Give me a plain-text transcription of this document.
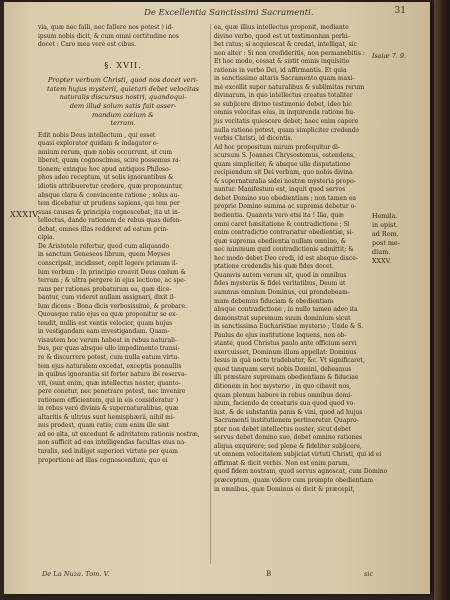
De Excellentia Sanctissimi Sacramenti.	31
via, quæ nec falli, nec fallere nos potest ) id-
ipsum nobis dicit, & cum omni certitudine nos
docet : Caro mea verè est cibus.
§. XVII.
Propter verbum Christi, quod nos docet veri-
tatem hujus mysterii, quietari debet velocitas
naturalis discursus nostri, quandoqui-
dem illud solum satis fuit asser-
mandum cœlum &
terram.
Edit nobis Deus intellectum , qui esset
quasi explorator quidam & indagator o-
mnium rerum, quæ nobis occurrunt, ut cum
liberet, quam cognoscimus, scire possemus ra-
tionem; exinque hoc apud antiquos Philoso-
phos adeo receptum, ut solis ignorantibus &
idiotis attribueretur credere, quæ proponuntur,
absque clara & convincente ratione ; solus au-
tem dicebatur ut prudens sapiens, qui tem per
suas causas & principia cognoscebat, ita ut in-
tellectus, dando rationem de rebus quas defen-
debat, omnes illas redderet ad eatum prin-
cipia.
De Aristotele refertur, quod cum aliquando
in sanctum Geneseos librum, quem Moyses
conscripsit, incidisset, cepit legere primum il-
lum verbum : In principio creavit Deus cœlum &
terram ; & ultra pergere in ejus lectione, ac spe-
rans per rationes probaturum ea, quæ dice-
bantur, cum videret nullam assignari, dixit il-
lum dicens : Bona dicis verbosissimè, & probare.
Quousque ratio ejus ea quæ proponitur se ex-
tendit, nullis est ventis velocior, quam hujus
in vestigandam eam investigandam. Quam-
visautem hoc verum habeat in rebus naturali-
bus, per quas absque ullo impedimento transi-
re & discurrere potest, cum nulla eatum virtu-
tem ejus naturalem excedat, exceptis ponnullis
in quibus ignorantia sit forter natura ibi reserva-
vit, (sunt enim, quæ intellectus noster, quanto-
pere conetur, nec penetrare potest, nec invenire
rationem efficientem, qui in eis consideratur )
in rebus verò divinis & supernaturalibus, quæ
altaritis & ultrius sunt hemisphærii, nihil mi-
nus prodest, quam ratio; cum enim ille sint
ad eo alta, ut excedunt & adivitatem rationis nostræ,
non sufficit ad eas intelligendas facultas eius na-
turalis, sed indiget superiori virtute per quam
proportione ad illas cognoscendum, quo ei
ea, quæ illius intellectus proponit, mediante
divino verbo, quod est ut testimonium perhi-
bet ratus; si acquiescat & credat, intelligat, sic
non alter : Si non credideritis, non permanebitis :
Et hoc modo, cessat & sistit omnis inquisitio
rationis in verbo Dei, id affirmantis. Et quia
in sanctissimo altaris Sacramento quam maxi-
mè excellit super naturalibus & sublimitas rerum
divinarum, in quo intellectus creatus totaliter
se subjicere divino testimonio debet, ideo hic
omnis velocitas eius, in inquirenda ratione hu-
jus veritatis quiescere debet; haec enim capere
nulla ratione potest, quam simpliciter credendo
verbis Christi, id dicentis.
Ad hoc propositum mirum profequitur di-
scursum S. Joannes Chrysostomus, ostendens,
quam simpliciter, & absque ulla disputatione
recipiendum sit Dei verbum, quo nobis divina
& supernaturalia sidei nostræ mysteria propo-
nuntur. Manifestum est, inquit quod servos
debet Domino suo obedientiam ; non tamen ea
proprie Domino summa ac suprema debetur o-
bedientia. Quamvis vero etsi ita ! Ilia, quæ
omni caret hæsitatione & contradictione ; Si
enim contradictio contrariatur obedientiæ, si-
quæ suprema obedientia nullam omnino, &
nec minimum quid contradictionis admittit; &
hoc modo debet Deo credi, id est absque disce-
ptatione credendis his quæ fides docet.
Quamvis autem verum sit, quod in omnibus
fides mysteriis & fidei veritatibus, Deum ut
summus omnium Dominus, cui prondebeam-
mam debemus fiduciam & obedientiam
absque contradictione , in nullo tamen adeo ita
demonstrat supremum suum dominium sicut
in sanctissima Eucharistiae mysterio ; Unde & S.
Paulus de ejus institutione loquens, non ob-
stante, quod Christus paulo ante officium servi
exercuisset, Dominum illum appellat: Dominus
Iesus in quâ nocte tradebatur, &c. Vt significaret,
quod tanquam servi nobis Domini, debeamus
illi præstare supremam obedientiam & fiduciae
ditionem in hoc mysterio , in quo cibavit nos,
quam plenum habere in rebus omnibus domi-
nium, faciendo de creaturis sua quod quod vo-
lust, & de substantia panis & vini, quod ad hujus
Sacramenti institutionem pertineretur. Quapro-
pter non debet intellectus noster, sicut debet
servus debet domino suo, debet omnino rationes
aliqua exquirere; sed plene & fideliter subjicere,
ut omnem velocitatem subjiciat virtuti Christi, qui id ei
affirmat & dicit verbis. Non est enim parum,
quod fidem nostram, quod servus agnoscat, cum Domino
præceptum, quam videre cum prompte obedientiam
in omnibus, quæ Dominus ei dicit & præcepit,
XXXIV.
Isaiæ 7. 9.
Homila.
in epist.
ad Rom.
post me-
dium.
XXXV.
De La Nuza. Tom. V.	B	sic
